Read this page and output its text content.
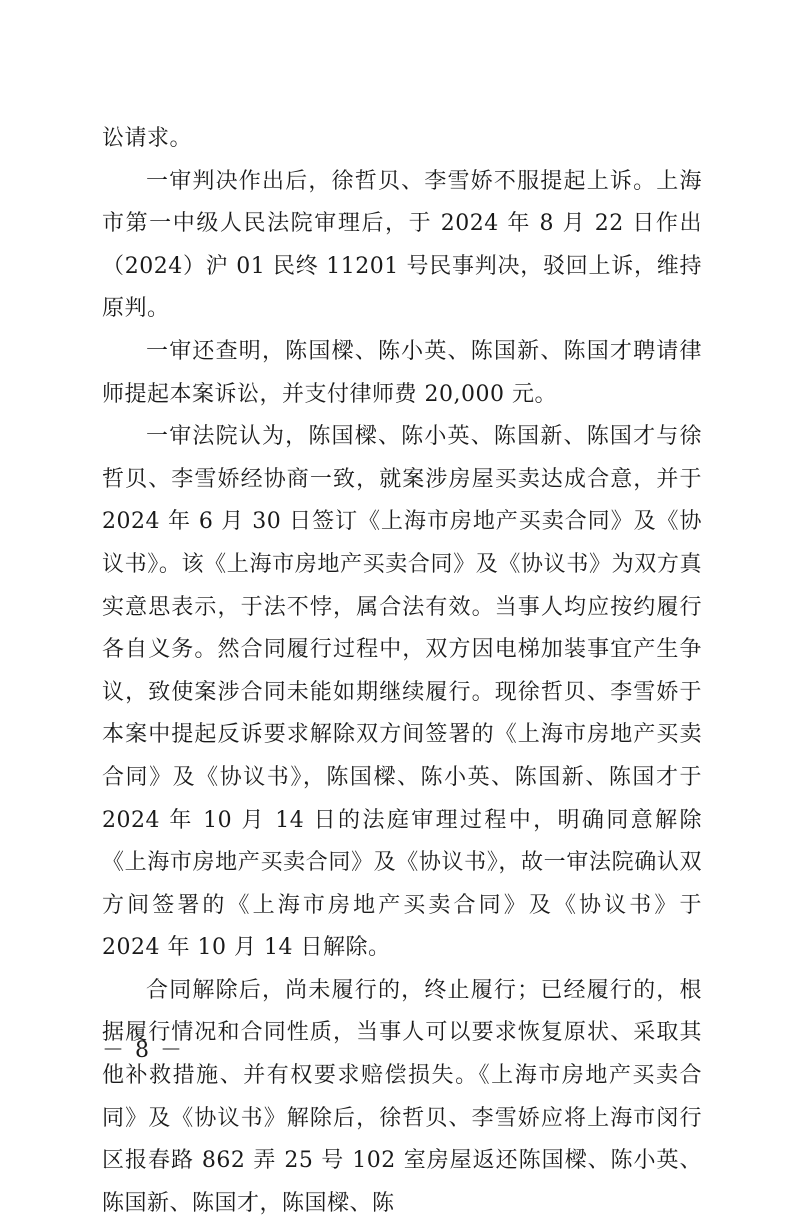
讼请求。

一审判决作出后，徐哲贝、李雪娇不服提起上诉。上海市第一中级人民法院审理后，于 2024 年 8 月 22 日作出（2024）沪 01 民终 11201 号民事判决，驳回上诉，维持原判。

一审还查明，陈国樑、陈小英、陈国新、陈国才聘请律师提起本案诉讼，并支付律师费 20,000 元。

一审法院认为，陈国樑、陈小英、陈国新、陈国才与徐哲贝、李雪娇经协商一致，就案涉房屋买卖达成合意，并于 2024 年 6 月 30 日签订《上海市房地产买卖合同》及《协议书》。该《上海市房地产买卖合同》及《协议书》为双方真实意思表示，于法不悖，属合法有效。当事人均应按约履行各自义务。然合同履行过程中，双方因电梯加装事宜产生争议，致使案涉合同未能如期继续履行。现徐哲贝、李雪娇于本案中提起反诉要求解除双方间签署的《上海市房地产买卖合同》及《协议书》，陈国樑、陈小英、陈国新、陈国才于 2024 年 10 月 14 日的法庭审理过程中，明确同意解除《上海市房地产买卖合同》及《协议书》，故一审法院确认双方间签署的《上海市房地产买卖合同》及《协议书》于 2024 年 10 月 14 日解除。

合同解除后，尚未履行的，终止履行；已经履行的，根据履行情况和合同性质，当事人可以要求恢复原状、采取其他补救措施、并有权要求赔偿损失。《上海市房地产买卖合同》及《协议书》解除后，徐哲贝、李雪娇应将上海市闵行区报春路 862 弄 25 号 102 室房屋返还陈国樑、陈小英、陈国新、陈国才，陈国樑、陈

－ 8 －
